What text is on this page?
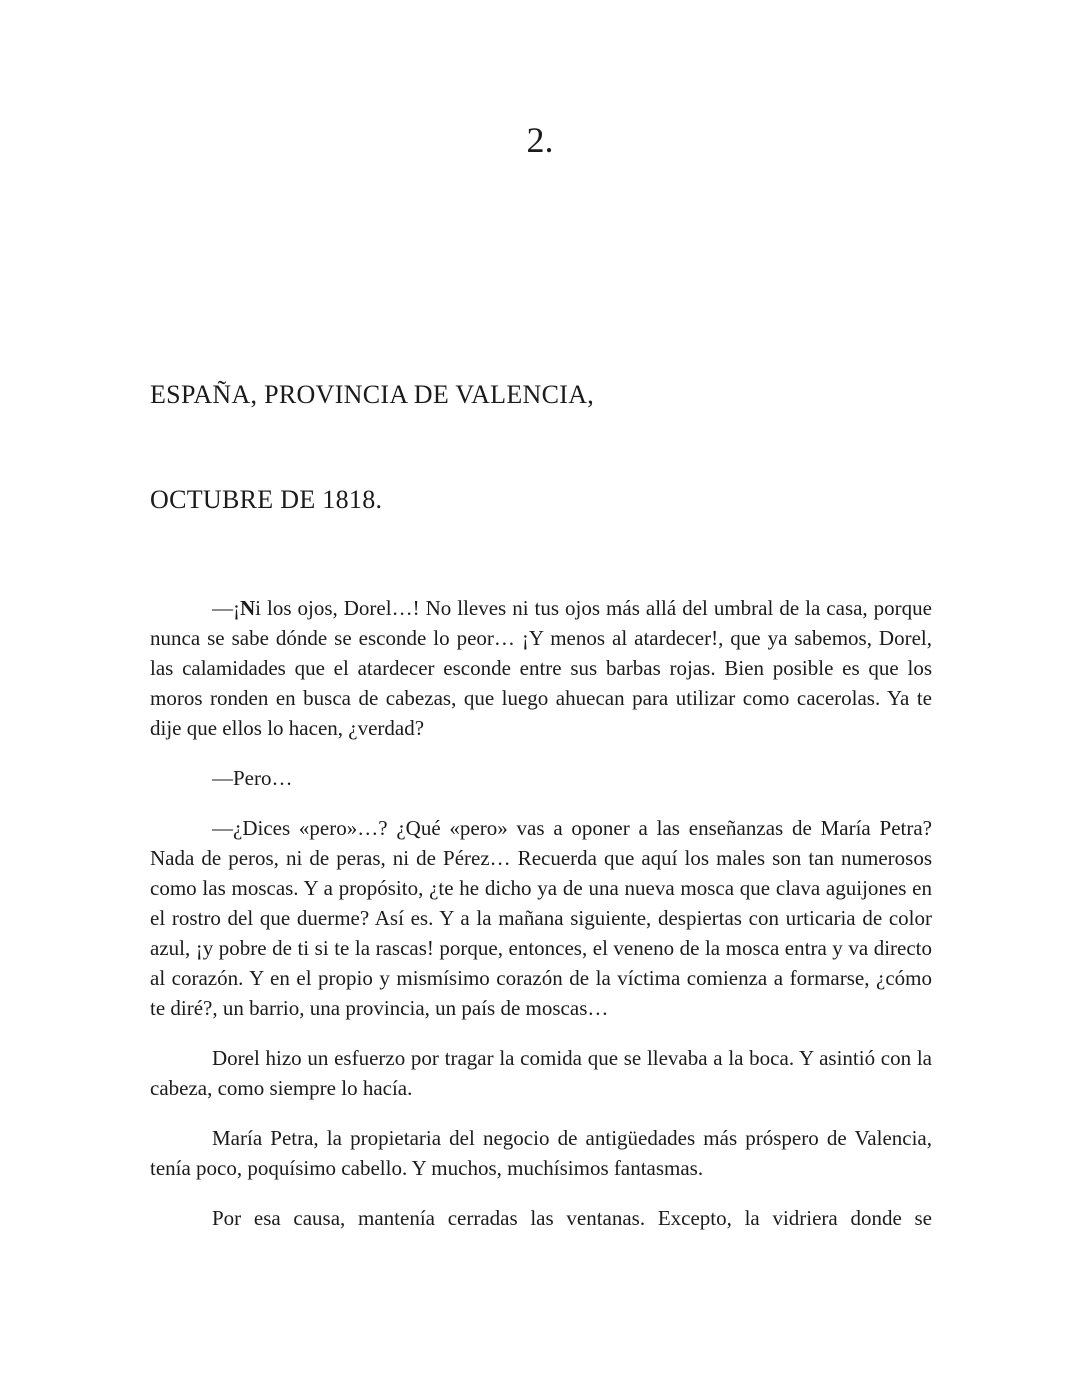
2.
ESPAÑA, PROVINCIA DE VALENCIA,
OCTUBRE DE 1818.

—¡Ni los ojos, Dorel…! No lleves ni tus ojos más allá del umbral de la casa, porque nunca se sabe dónde se esconde lo peor… ¡Y menos al atardecer!, que ya sabemos, Dorel, las calamidades que el atardecer esconde entre sus barbas rojas. Bien posible es que los moros ronden en busca de cabezas, que luego ahuecan para utilizar como cacerolas. Ya te dije que ellos lo hacen, ¿verdad?

—Pero…

—¿Dices «pero»…? ¿Qué «pero» vas a oponer a las enseñanzas de María Petra? Nada de peros, ni de peras, ni de Pérez… Recuerda que aquí los males son tan numerosos como las moscas. Y a propósito, ¿te he dicho ya de una nueva mosca que clava aguijones en el rostro del que duerme? Así es. Y a la mañana siguiente, despiertas con urticaria de color azul, ¡y pobre de ti si te la rascas! porque, entonces, el veneno de la mosca entra y va directo al corazón. Y en el propio y mismísimo corazón de la víctima comienza a formarse, ¿cómo te diré?, un barrio, una provincia, un país de moscas…

Dorel hizo un esfuerzo por tragar la comida que se llevaba a la boca. Y asintió con la cabeza, como siempre lo hacía.

María Petra, la propietaria del negocio de antigüedades más próspero de Valencia, tenía poco, poquísimo cabello. Y muchos, muchísimos fantasmas.

Por esa causa, mantenía cerradas las ventanas. Excepto, la vidriera donde se
